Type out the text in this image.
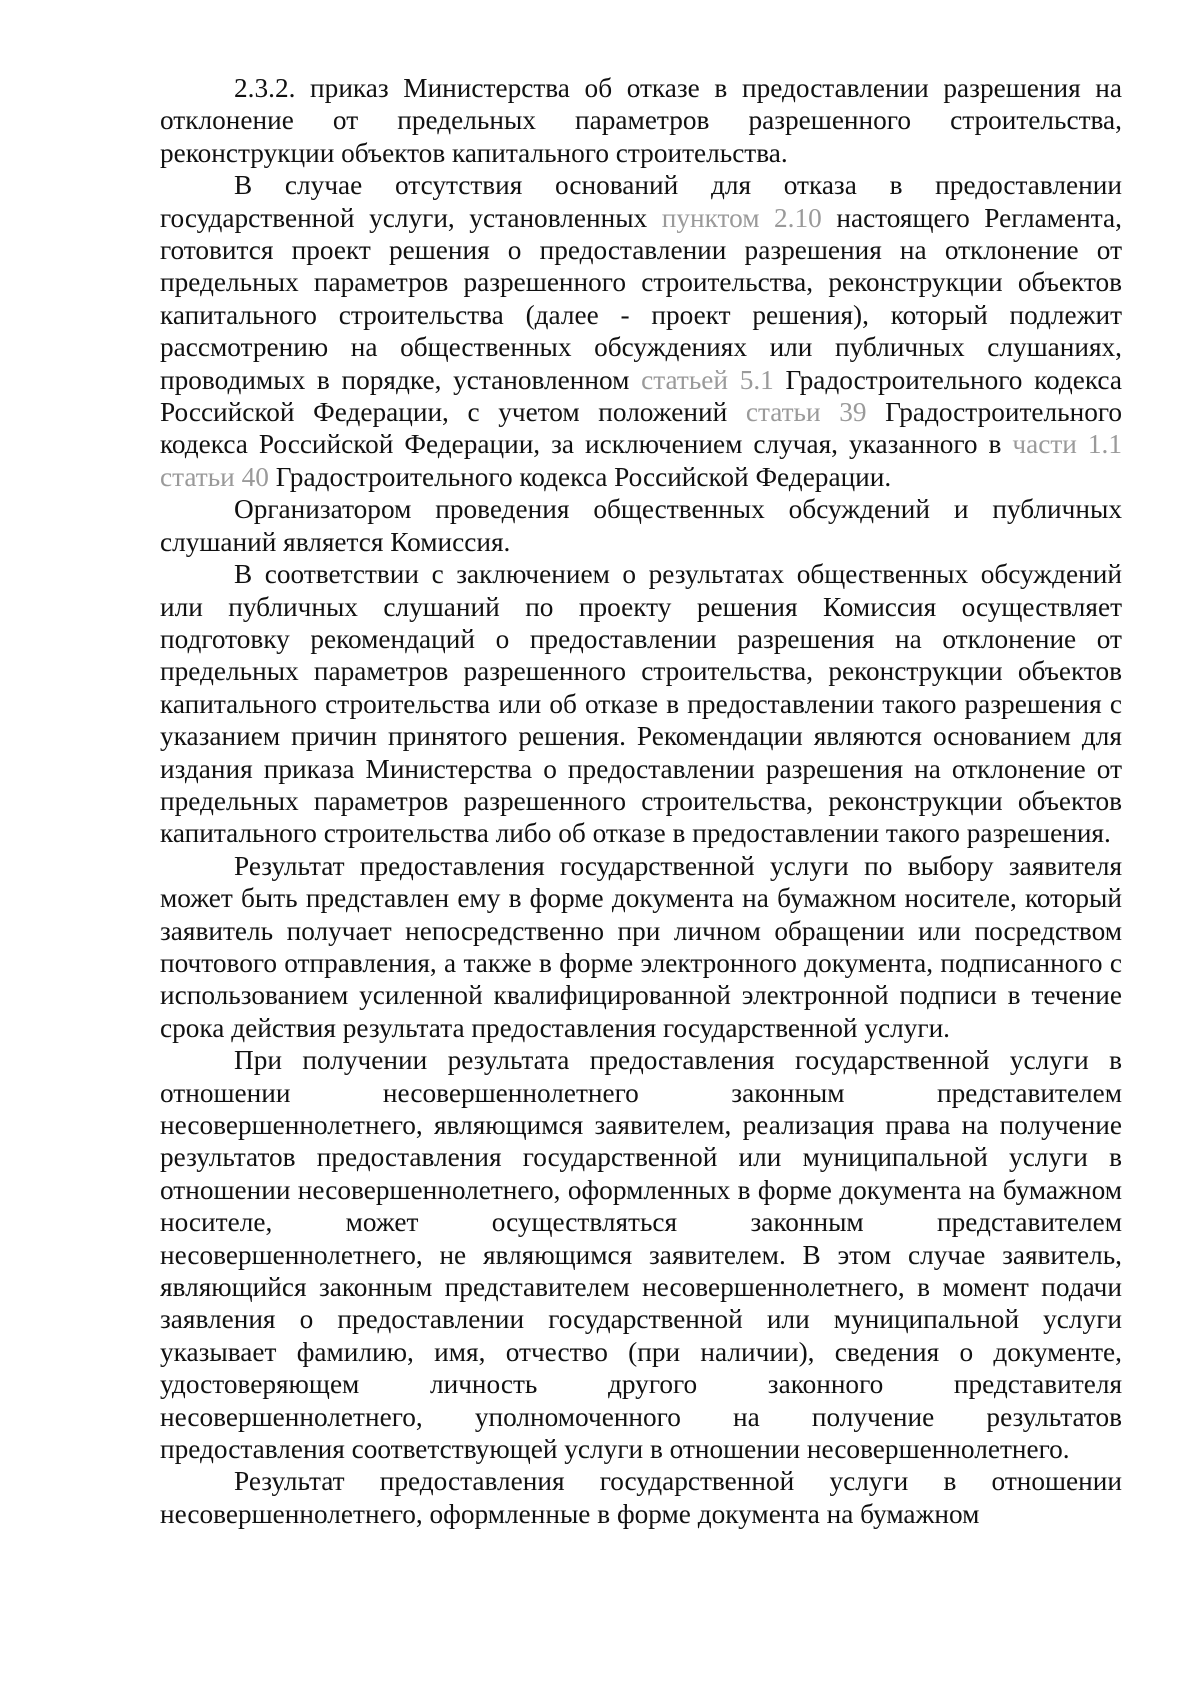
2.3.2. приказ Министерства об отказе в предоставлении разрешения на отклонение от предельных параметров разрешенного строительства, реконструкции объектов капитального строительства.

В случае отсутствия оснований для отказа в предоставлении государственной услуги, установленных пунктом 2.10 настоящего Регламента, готовится проект решения о предоставлении разрешения на отклонение от предельных параметров разрешенного строительства, реконструкции объектов капитального строительства (далее - проект решения), который подлежит рассмотрению на общественных обсуждениях или публичных слушаниях, проводимых в порядке, установленном статьей 5.1 Градостроительного кодекса Российской Федерации, с учетом положений статьи 39 Градостроительного кодекса Российской Федерации, за исключением случая, указанного в части 1.1 статьи 40 Градостроительного кодекса Российской Федерации.

Организатором проведения общественных обсуждений и публичных слушаний является Комиссия.

В соответствии с заключением о результатах общественных обсуждений или публичных слушаний по проекту решения Комиссия осуществляет подготовку рекомендаций о предоставлении разрешения на отклонение от предельных параметров разрешенного строительства, реконструкции объектов капитального строительства или об отказе в предоставлении такого разрешения с указанием причин принятого решения. Рекомендации являются основанием для издания приказа Министерства о предоставлении разрешения на отклонение от предельных параметров разрешенного строительства, реконструкции объектов капитального строительства либо об отказе в предоставлении такого разрешения.

Результат предоставления государственной услуги по выбору заявителя может быть представлен ему в форме документа на бумажном носителе, который заявитель получает непосредственно при личном обращении или посредством почтового отправления, а также в форме электронного документа, подписанного с использованием усиленной квалифицированной электронной подписи в течение срока действия результата предоставления государственной услуги.

При получении результата предоставления государственной услуги в отношении несовершеннолетнего законным представителем несовершеннолетнего, являющимся заявителем, реализация права на получение результатов предоставления государственной или муниципальной услуги в отношении несовершеннолетнего, оформленных в форме документа на бумажном носителе, может осуществляться законным представителем несовершеннолетнего, не являющимся заявителем. В этом случае заявитель, являющийся законным представителем несовершеннолетнего, в момент подачи заявления о предоставлении государственной или муниципальной услуги указывает фамилию, имя, отчество (при наличии), сведения о документе, удостоверяющем личность другого законного представителя несовершеннолетнего, уполномоченного на получение результатов предоставления соответствующей услуги в отношении несовершеннолетнего.

Результат предоставления государственной услуги в отношении несовершеннолетнего, оформленные в форме документа на бумажном
